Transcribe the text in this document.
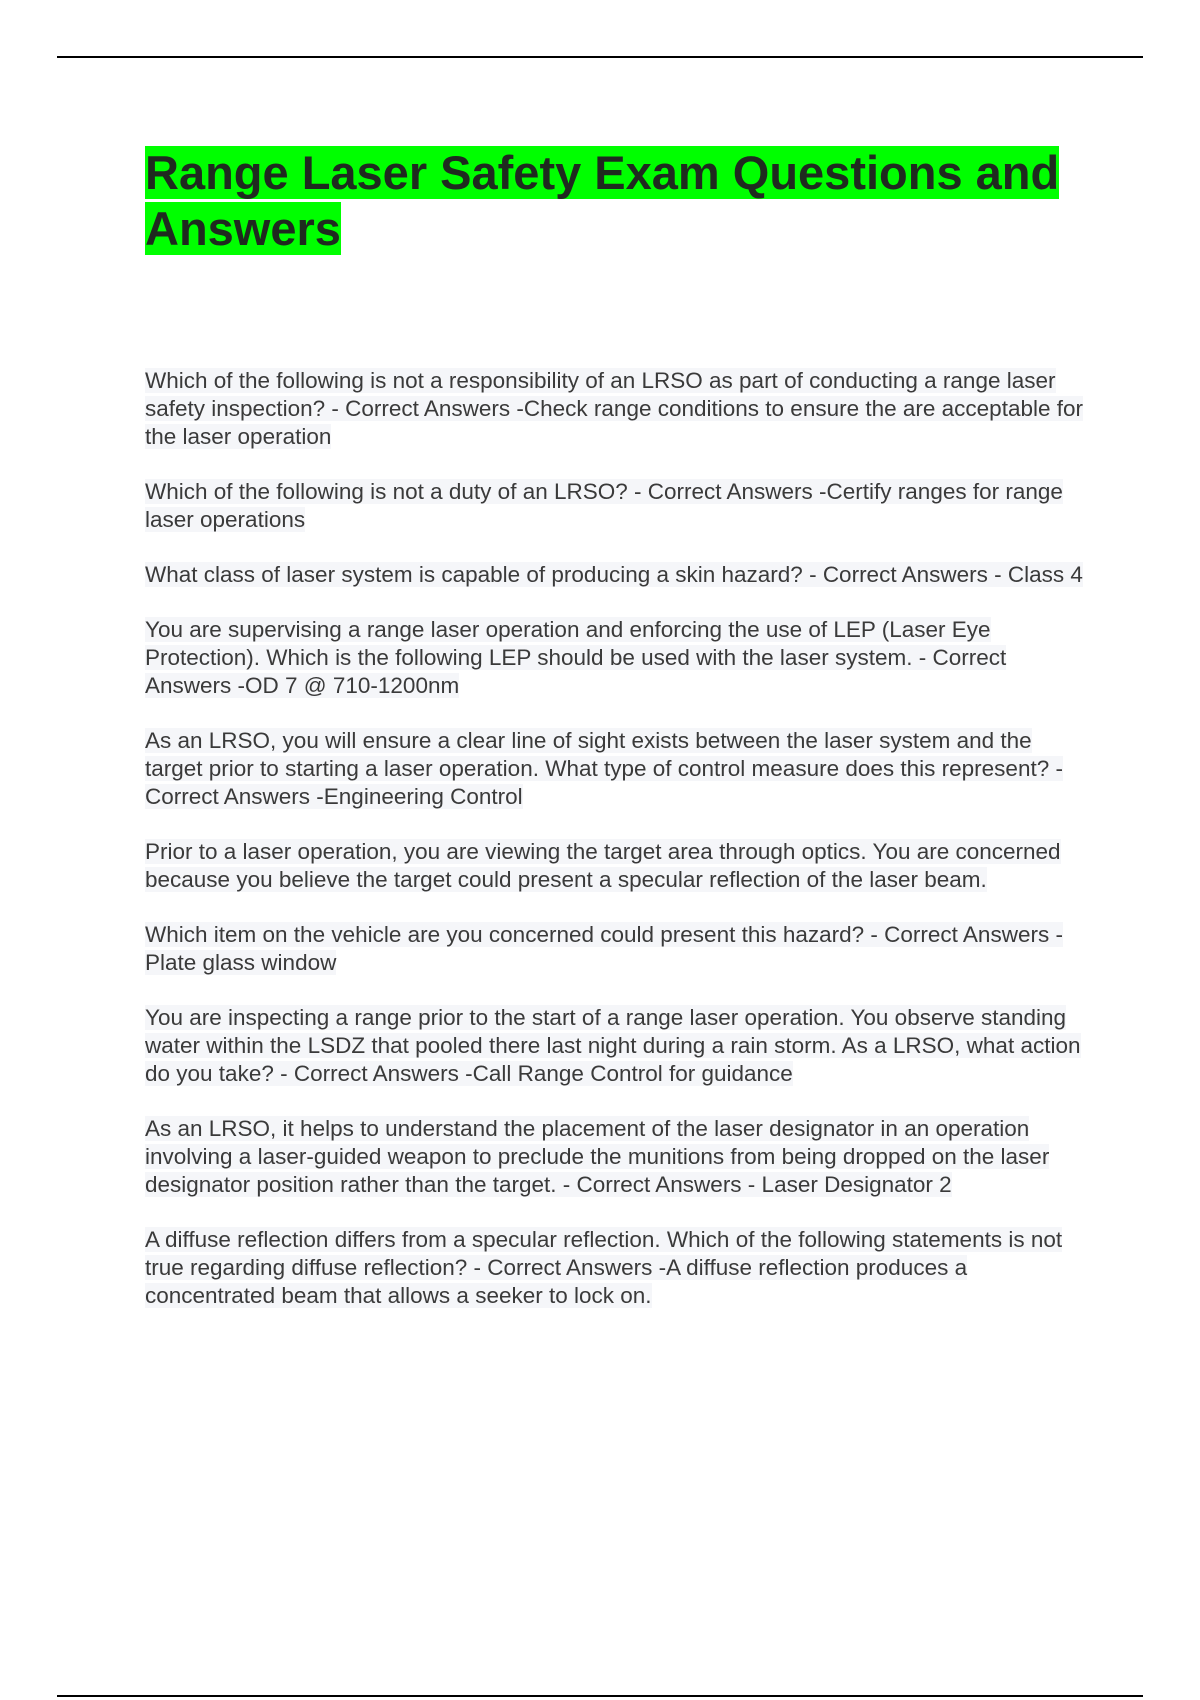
Range Laser Safety Exam Questions and Answers

Which of the following is not a responsibility of an LRSO as part of conducting a range laser safety inspection? - Correct Answers -Check range conditions to ensure the are acceptable for the laser operation

Which of the following is not a duty of an LRSO? - Correct Answers -Certify ranges for range laser operations

What class of laser system is capable of producing a skin hazard? - Correct Answers - Class 4

You are supervising a range laser operation and enforcing the use of LEP (Laser Eye Protection). Which is the following LEP should be used with the laser system. - Correct Answers -OD 7 @ 710-1200nm

As an LRSO, you will ensure a clear line of sight exists between the laser system and the target prior to starting a laser operation. What type of control measure does this represent? - Correct Answers -Engineering Control

Prior to a laser operation, you are viewing the target area through optics. You are concerned because you believe the target could present a specular reflection of the laser beam.

Which item on the vehicle are you concerned could present this hazard? - Correct Answers -Plate glass window

You are inspecting a range prior to the start of a range laser operation. You observe standing water within the LSDZ that pooled there last night during a rain storm. As a LRSO, what action do you take? - Correct Answers -Call Range Control for guidance

As an LRSO, it helps to understand the placement of the laser designator in an operation involving a laser-guided weapon to preclude the munitions from being dropped on the laser designator position rather than the target. - Correct Answers - Laser Designator 2

A diffuse reflection differs from a specular reflection. Which of the following statements is not true regarding diffuse reflection? - Correct Answers -A diffuse reflection produces a concentrated beam that allows a seeker to lock on.
